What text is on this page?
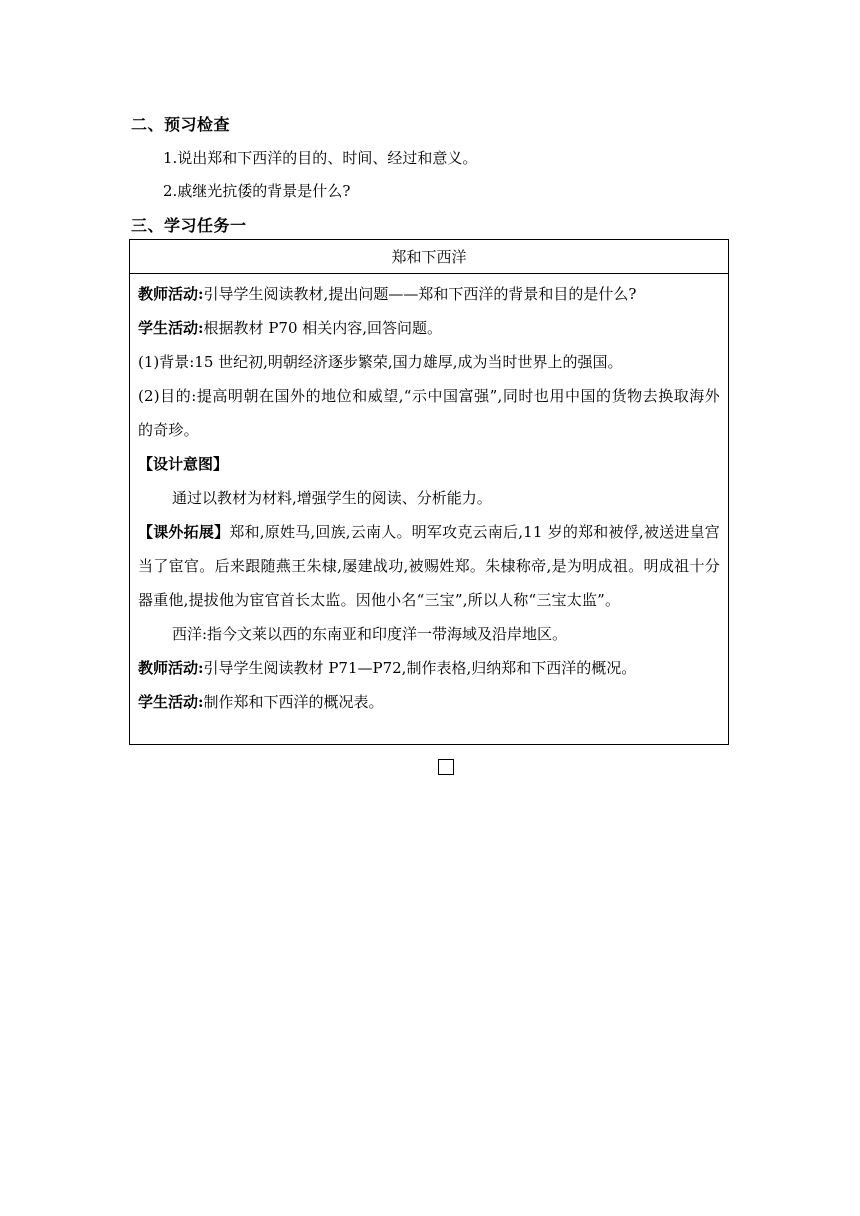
二、预习检查
1.说出郑和下西洋的目的、时间、经过和意义。
2.戚继光抗倭的背景是什么?
三、学习任务一
郑和下西洋
教师活动:引导学生阅读教材,提出问题——郑和下西洋的背景和目的是什么?
学生活动:根据教材 P70 相关内容,回答问题。
(1)背景:15 世纪初,明朝经济逐步繁荣,国力雄厚,成为当时世界上的强国。
(2)目的:提高明朝在国外的地位和威望,“示中国富强”,同时也用中国的货物去换取海外的奇珍。
【设计意图】
通过以教材为材料,增强学生的阅读、分析能力。
【课外拓展】郑和,原姓马,回族,云南人。明军攻克云南后,11 岁的郑和被俘,被送进皇宫当了宦官。后来跟随燕王朱棣,屡建战功,被赐姓郑。朱棣称帝,是为明成祖。明成祖十分器重他,提拔他为宦官首长太监。因他小名“三宝”,所以人称“三宝太监”。
西洋:指今文莱以西的东南亚和印度洋一带海域及沿岸地区。
教师活动:引导学生阅读教材 P71—P72,制作表格,归纳郑和下西洋的概况。
学生活动:制作郑和下西洋的概况表。
